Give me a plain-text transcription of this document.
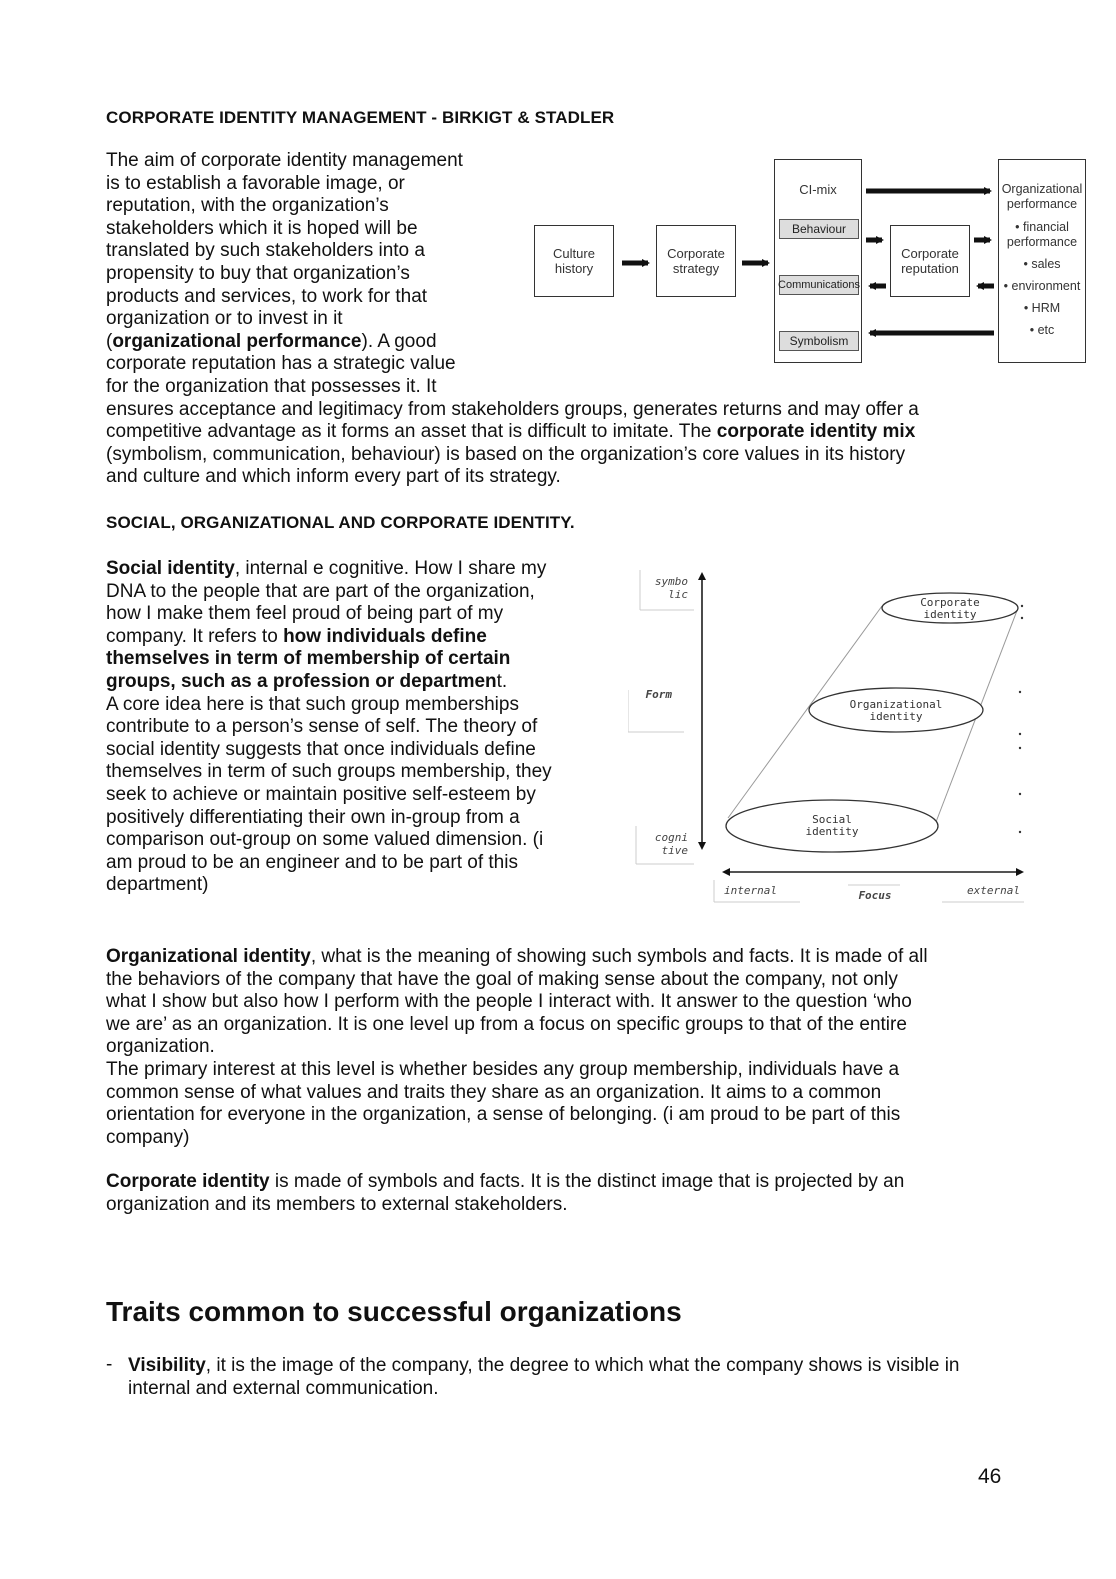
CORPORATE IDENTITY MANAGEMENT - BIRKIGT & STADLER
The aim of corporate identity management
is to establish a favorable image, or
reputation, with the organization’s
stakeholders which it is hoped will be
translated by such stakeholders into a
propensity to buy that organization’s
products and services, to work for that
organization or to invest in it
(organizational performance). A good
corporate reputation has a strategic value
for the organization that possesses it. It
ensures acceptance and legitimacy from stakeholders groups, generates returns and may offer a
competitive advantage as it forms an asset that is difficult to imitate. The corporate identity mix
(symbolism, communication, behaviour) is based on the organization’s core values in its history
and culture and which inform every part of its strategy.
Culture history
Corporate strategy
CI-mix
Behaviour
Communications
Symbolism
Corporate reputation
Organizational performance
• financial performance
• sales
• environment
• HRM
• etc
SOCIAL, ORGANIZATIONAL AND CORPORATE IDENTITY.
Social identity, internal e cognitive. How I share my
DNA to the people that are part of the organization,
how I make them feel proud of being part of my
company. It refers to how individuals define
themselves in term of membership of certain
groups, such as a profession or department.
A core idea here is that such group memberships
contribute to a person’s sense of self. The theory of
social identity suggests that once individuals define
themselves in term of such groups membership, they
seek to achieve or maintain positive self-esteem by
positively differentiating their own in-group from a
comparison out-group on some valued dimension. (i
am proud to be an engineer and to be part of this
department)
symbo lic
Form
cogni tive
Corporate identity
Organizational identity
Social identity
internal	Focus	external
Organizational identity, what is the meaning of showing such symbols and facts. It is made of all
the behaviors of the company that have the goal of making sense about the company, not only
what I show but also how I perform with the people I interact with. It answer to the question ‘who
we are’ as an organization. It is one level up from a focus on specific groups to that of the entire
organization.
The primary interest at this level is whether besides any group membership, individuals have a
common sense of what values and traits they share as an organization. It aims to a common
orientation for everyone in the organization, a sense of belonging. (i am proud to be part of this
company)
Corporate identity is made of symbols and facts. It is the distinct image that is projected by an
organization and its members to external stakeholders.
Traits common to successful organizations
- Visibility, it is the image of the company, the degree to which what the company shows is visible in internal and external communication.
46
